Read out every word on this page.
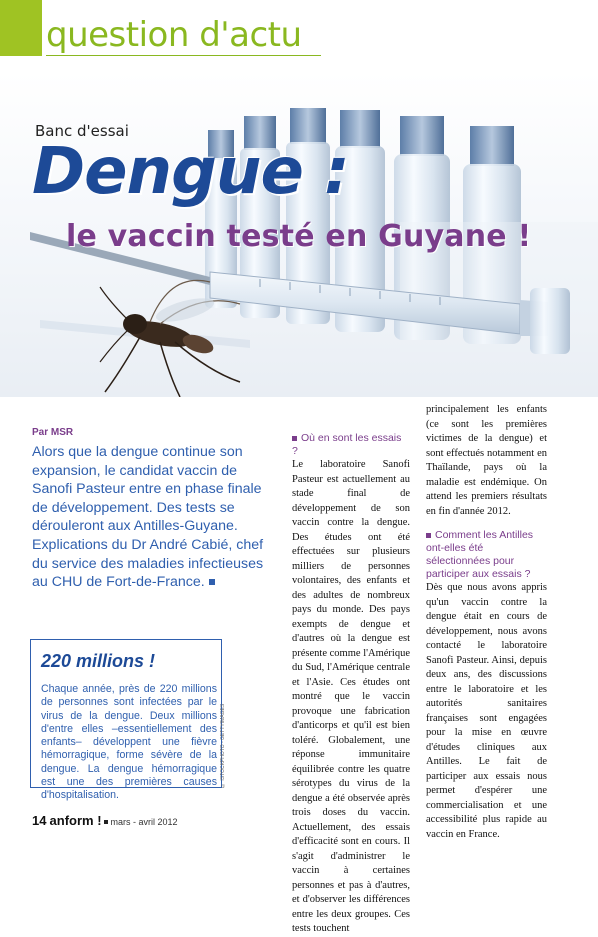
question d'actu
Banc d'essai
Dengue :
le vaccin testé en Guyane !
Par MSR
Alors que la dengue continue son expansion, le candidat vaccin de Sanofi Pasteur entre en phase finale de développement. Des tests se dérouleront aux Antilles-Guyane. Explications du Dr André Cabié, chef du service des maladies infectieuses au CHU de Fort-de-France.
220 millions !
Chaque année, près de 220 millions de personnes sont infectées par le virus de la dengue. Deux millions d'entre elles –essentiellement des enfants– développent une fièvre hémorragique, forme sévère de la dengue. La dengue hémorragique est une des premières causes d'hospitalisation.
© ISTOCKPHOTO - GETTYIMAGES
Où en sont les essais ?

Le laboratoire Sanofi Pasteur est actuellement au stade final de développement de son vaccin contre la dengue. Des études ont été effectuées sur plusieurs milliers de personnes volontaires, des enfants et des adultes de nombreux pays du monde. Des pays exempts de dengue et d'autres où la dengue est présente comme l'Amérique du Sud, l'Amérique centrale et l'Asie. Ces études ont montré que le vaccin provoque une fabrication d'anticorps et qu'il est bien toléré. Globalement, une réponse immunitaire équilibrée contre les quatre sérotypes du virus de la dengue a été observée après trois doses du vaccin. Actuellement, des essais d'efficacité sont en cours. Il s'agit d'administrer le vaccin à certaines personnes et pas à d'autres, et d'observer les différences entre les deux groupes. Ces tests touchent

principalement les enfants (ce sont les premières victimes de la dengue) et sont effectués notamment en Thaïlande, pays où la maladie est endémique. On attend les premiers résultats en fin d'année 2012.

Comment les Antilles ont-elles été sélectionnées pour participer aux essais ?

Dès que nous avons appris qu'un vaccin contre la dengue était en cours de développement, nous avons contacté le laboratoire Sanofi Pasteur. Ainsi, depuis deux ans, des discussions entre le laboratoire et les autorités sanitaires françaises sont engagées pour la mise en œuvre d'études cliniques aux Antilles. Le fait de participer aux essais nous permet d'espérer une commercialisation et une accessibilité plus rapide au vaccin en France.

14 anform ! mars - avril 2012
